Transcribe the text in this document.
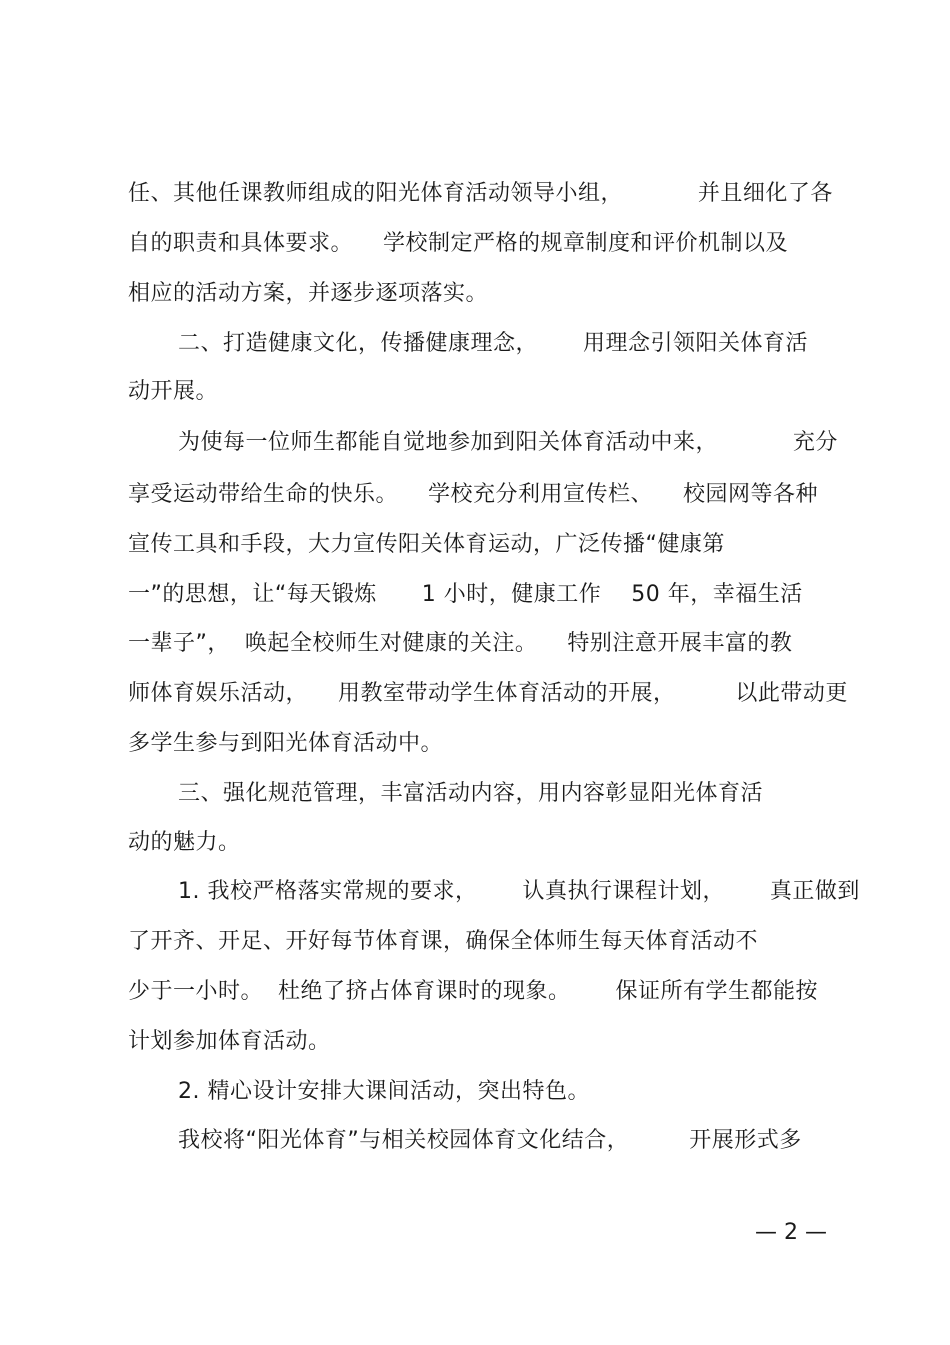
任、其他任课教师组成的阳光体育活动领导小组，          并且细化了各
自的职责和具体要求。    学校制定严格的规章制度和评价机制以及
相应的活动方案，并逐步逐项落实。
二、打造健康文化，传播健康理念，      用理念引领阳关体育活
动开展。
为使每一位师生都能自觉地参加到阳关体育活动中来，          充分
享受运动带给生命的快乐。    学校充分利用宣传栏、    校园网等各种
宣传工具和手段，大力宣传阳关体育运动，广泛传播“健康第
一”的思想，让“每天锻炼      1 小时，健康工作    50 年，幸福生活
一辈子”，  唤起全校师生对健康的关注。    特别注意开展丰富的教
师体育娱乐活动，    用教室带动学生体育活动的开展，        以此带动更
多学生参与到阳光体育活动中。
三、强化规范管理，丰富活动内容，用内容彰显阳光体育活
动的魅力。
1. 我校严格落实常规的要求，      认真执行课程计划，      真正做到
了开齐、开足、开好每节体育课，确保全体师生每天体育活动不
少于一小时。  杜绝了挤占体育课时的现象。      保证所有学生都能按
计划参加体育活动。
2. 精心设计安排大课间活动，突出特色。
我校将“阳光体育”与相关校园体育文化结合，        开展形式多
— 2 —
